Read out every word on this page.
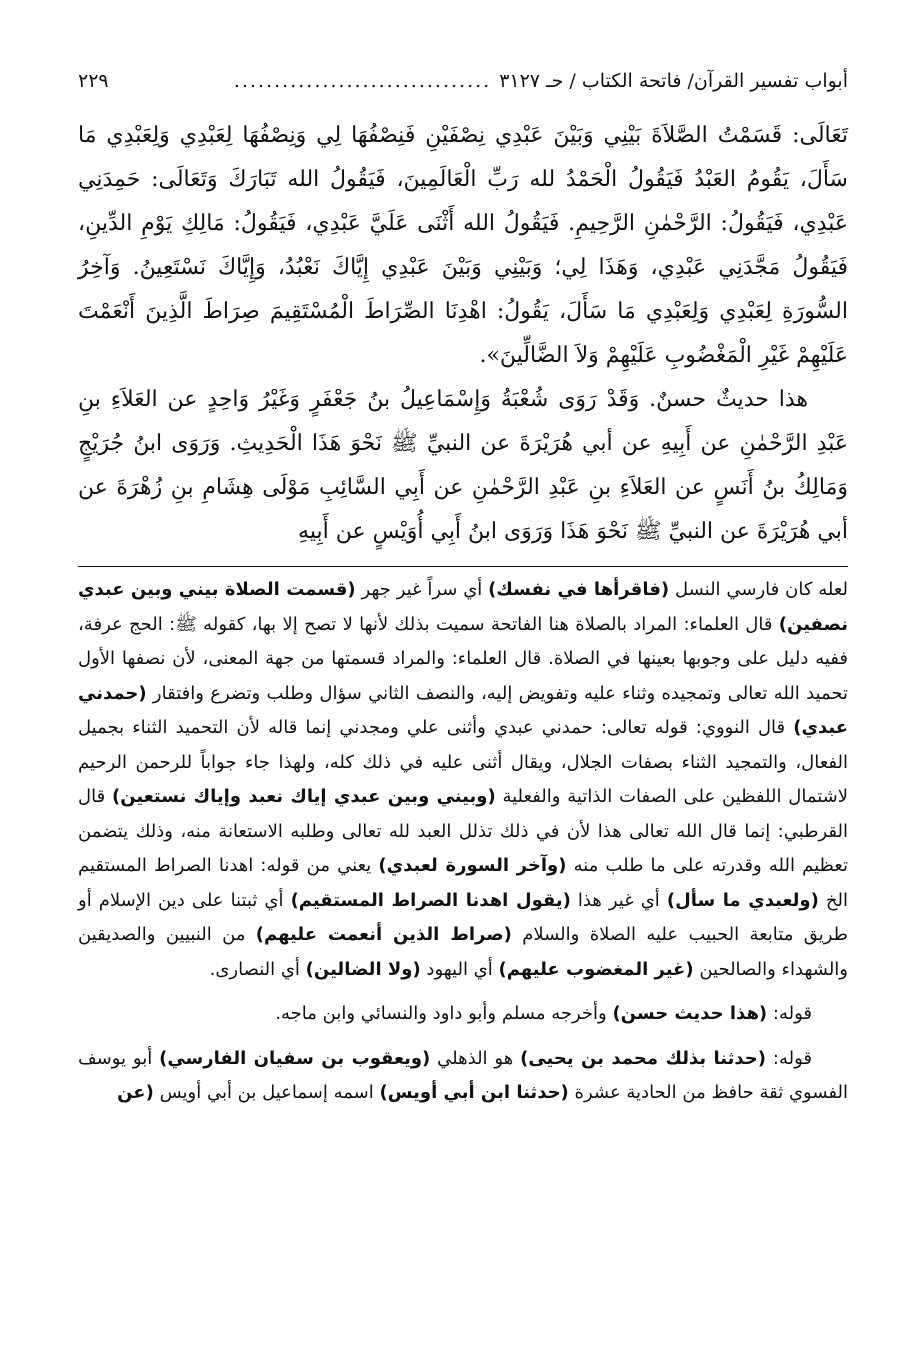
أبواب تفسير القرآن/ فاتحة الكتاب / حـ ٣١٢٧
................................
٢٢٩

تَعَالَى: قَسَمْتُ الصَّلاَةَ بَيْنِي وَبَيْنَ عَبْدِي نِصْفَيْنِ فَنِصْفُهَا لِي وَنِصْفُهَا لِعَبْدِي وَلِعَبْدِي مَا سَأَلَ، يَقُومُ العَبْدُ فَيَقُولُ الْحَمْدُ لله رَبِّ الْعَالَمِينَ، فَيَقُولُ الله تَبَارَكَ وَتَعَالَى: حَمِدَنِي عَبْدِي، فَيَقُولُ: الرَّحْمٰنِ الرَّحِيمِ. فَيَقُولُ الله أَثْنَى عَلَيَّ عَبْدِي، فَيَقُولُ: مَالِكِ يَوْمِ الدِّينِ، فَيَقُولُ مَجَّدَنِي عَبْدِي، وَهَذَا لِي؛ وَبَيْنِي وَبَيْنَ عَبْدِي إِيَّاكَ نَعْبُدُ، وَإِيَّاكَ نَسْتَعِينُ. وَآخِرُ السُّورَةِ لِعَبْدِي وَلِعَبْدِي مَا سَأَلَ، يَقُولُ: اهْدِنَا الصِّرَاطَ الْمُسْتَقِيمَ صِرَاطَ الَّذِينَ أَنْعَمْتَ عَلَيْهِمْ غَيْرِ الْمَغْضُوبِ عَلَيْهِمْ وَلاَ الضَّالِّينَ».

هذا حديثٌ حسنٌ. وَقَدْ رَوَى شُعْبَةُ وَإِسْمَاعِيلُ بنُ جَعْفَرٍ وَغَيْرُ وَاحِدٍ عن العَلاَءِ بنِ عَبْدِ الرَّحْمٰنِ عن أَبِيهِ عن أبي هُرَيْرَةَ عن النبيِّ ﷺ نَحْوَ هَذَا الْحَدِيثِ. وَرَوَى ابنُ جُرَيْجٍ وَمَالِكُ بنُ أَنَسٍ عن العَلاَءِ بنِ عَبْدِ الرَّحْمٰنِ عن أَبِي السَّائِبِ مَوْلَى هِشَامِ بنِ زُهْرَةَ عن أبي هُرَيْرَةَ عن النبيِّ ﷺ نَحْوَ هَذَا وَرَوَى ابنُ أَبِي أُوَيْسٍ عن أَبِيهِ

لعله كان فارسي النسل (فاقرأها في نفسك) أي سراً غير جهر (قسمت الصلاة بيني وبين عبدي نصفين) قال العلماء: المراد بالصلاة هنا الفاتحة سميت بذلك لأنها لا تصح إلا بها، كقوله ﷺ: الحج عرفة، ففيه دليل على وجوبها بعينها في الصلاة. قال العلماء: والمراد قسمتها من جهة المعنى، لأن نصفها الأول تحميد الله تعالى وتمجيده وثناء عليه وتفويض إليه، والنصف الثاني سؤال وطلب وتضرع وافتقار (حمدني عبدي) قال النووي: قوله تعالى: حمدني عبدي وأثنى علي ومجدني إنما قاله لأن التحميد الثناء بجميل الفعال، والتمجيد الثناء بصفات الجلال، ويقال أثنى عليه في ذلك كله، ولهذا جاء جواباً للرحمن الرحيم لاشتمال اللفظين على الصفات الذاتية والفعلية (وبيني وبين عبدي إياك نعبد وإياك نستعين) قال القرطبي: إنما قال الله تعالى هذا لأن في ذلك تذلل العبد لله تعالى وطلبه الاستعانة منه، وذلك يتضمن تعظيم الله وقدرته على ما طلب منه (وآخر السورة لعبدي) يعني من قوله: اهدنا الصراط المستقيم الخ (ولعبدي ما سأل) أي غير هذا (يقول اهدنا الصراط المستقيم) أي ثبتنا على دين الإسلام أو طريق متابعة الحبيب عليه الصلاة والسلام (صراط الذين أنعمت عليهم) من النبيين والصديقين والشهداء والصالحين (غير المغضوب عليهم) أي اليهود (ولا الضالين) أي النصارى.

قوله: (هذا حديث حسن) وأخرجه مسلم وأبو داود والنسائي وابن ماجه.

قوله: (حدثنا بذلك محمد بن يحيى) هو الذهلي (ويعقوب بن سفيان الفارسي) أبو يوسف الفسوي ثقة حافظ من الحادية عشرة (حدثنا ابن أبي أويس) اسمه إسماعيل بن أبي أويس (عن
